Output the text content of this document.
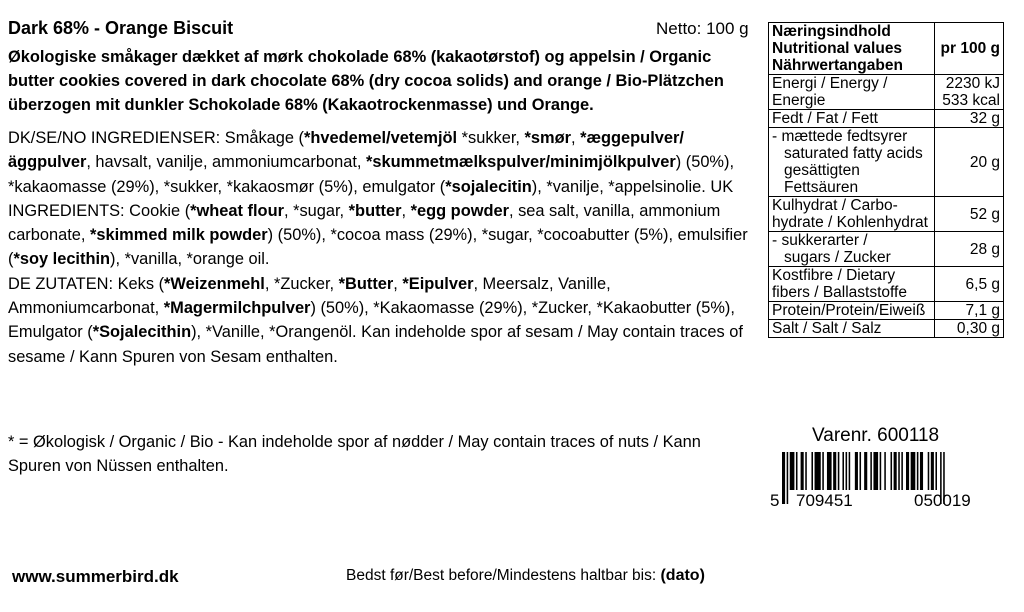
Dark 68% - Orange Biscuit	Netto: 100 g
Økologiske småkager dækket af mørk chokolade 68% (kakaotørstof) og appelsin / Organic butter cookies covered in dark chocolate 68% (dry cocoa solids) and orange / Bio-Plätzchen überzogen mit dunkler Schokolade 68% (Kakaotrockenmasse) und Orange.

DK/SE/NO INGREDIENSER: Småkage (*hvedemel/vetemjöl *sukker, *smør, *æggepulver/äggpulver, havsalt, vanilje, ammoniumcarbonat, *skummetmælkspulver/minimjölkpulver) (50%), *kakaomasse (29%), *sukker, *kakaosmør (5%), emulgator (*sojalecitin), *vanilje, *appelsinolie. UK INGREDIENTS: Cookie (*wheat flour, *sugar, *butter, *egg powder, sea salt, vanilla, ammonium carbonate, *skimmed milk powder) (50%), *cocoa mass (29%), *sugar, *cocoabutter (5%), emulsifier (*soy lecithin), *vanilla, *orange oil.

DE ZUTATEN: Keks (*Weizenmehl, *Zucker, *Butter, *Eipulver, Meersalz, Vanille, Ammoniumcarbonat, *Magermilchpulver) (50%), *Kakaomasse (29%), *Zucker, *Kakaobutter (5%), Emulgator (*Sojalecithin), *Vanille, *Orangenöl. Kan indeholde spor af sesam / May contain traces of sesame / Kann Spuren von Sesam enthalten.

* = Økologisk / Organic / Bio - Kan indeholde spor af nødder / May contain traces of nuts / Kann Spuren von Nüssen enthalten.
Næringsindhold
Nutritional values
Nährwertangaben	pr 100 g

Energi / Energy /
Energie	2230 kJ
533 kcal

Fedt / Fat / Fett	32 g

- mættede fedtsyrer
saturated fatty acids
gesättigten Fettsäuren	20 g

Kulhydrat / Carbo-
hydrate / Kohlenhydrat	52 g

- sukkerarter /
sugars / Zucker	28 g

Kostfibre / Dietary
fibers / Ballaststoffe	6,5 g

Protein/Protein/Eiweiß	7,1 g

Salt / Salt / Salz	0,30 g
Varenr. 600118
5 709451	050019
www.summerbird.dk	Bedst før/Best before/Mindestens haltbar bis: (dato)
